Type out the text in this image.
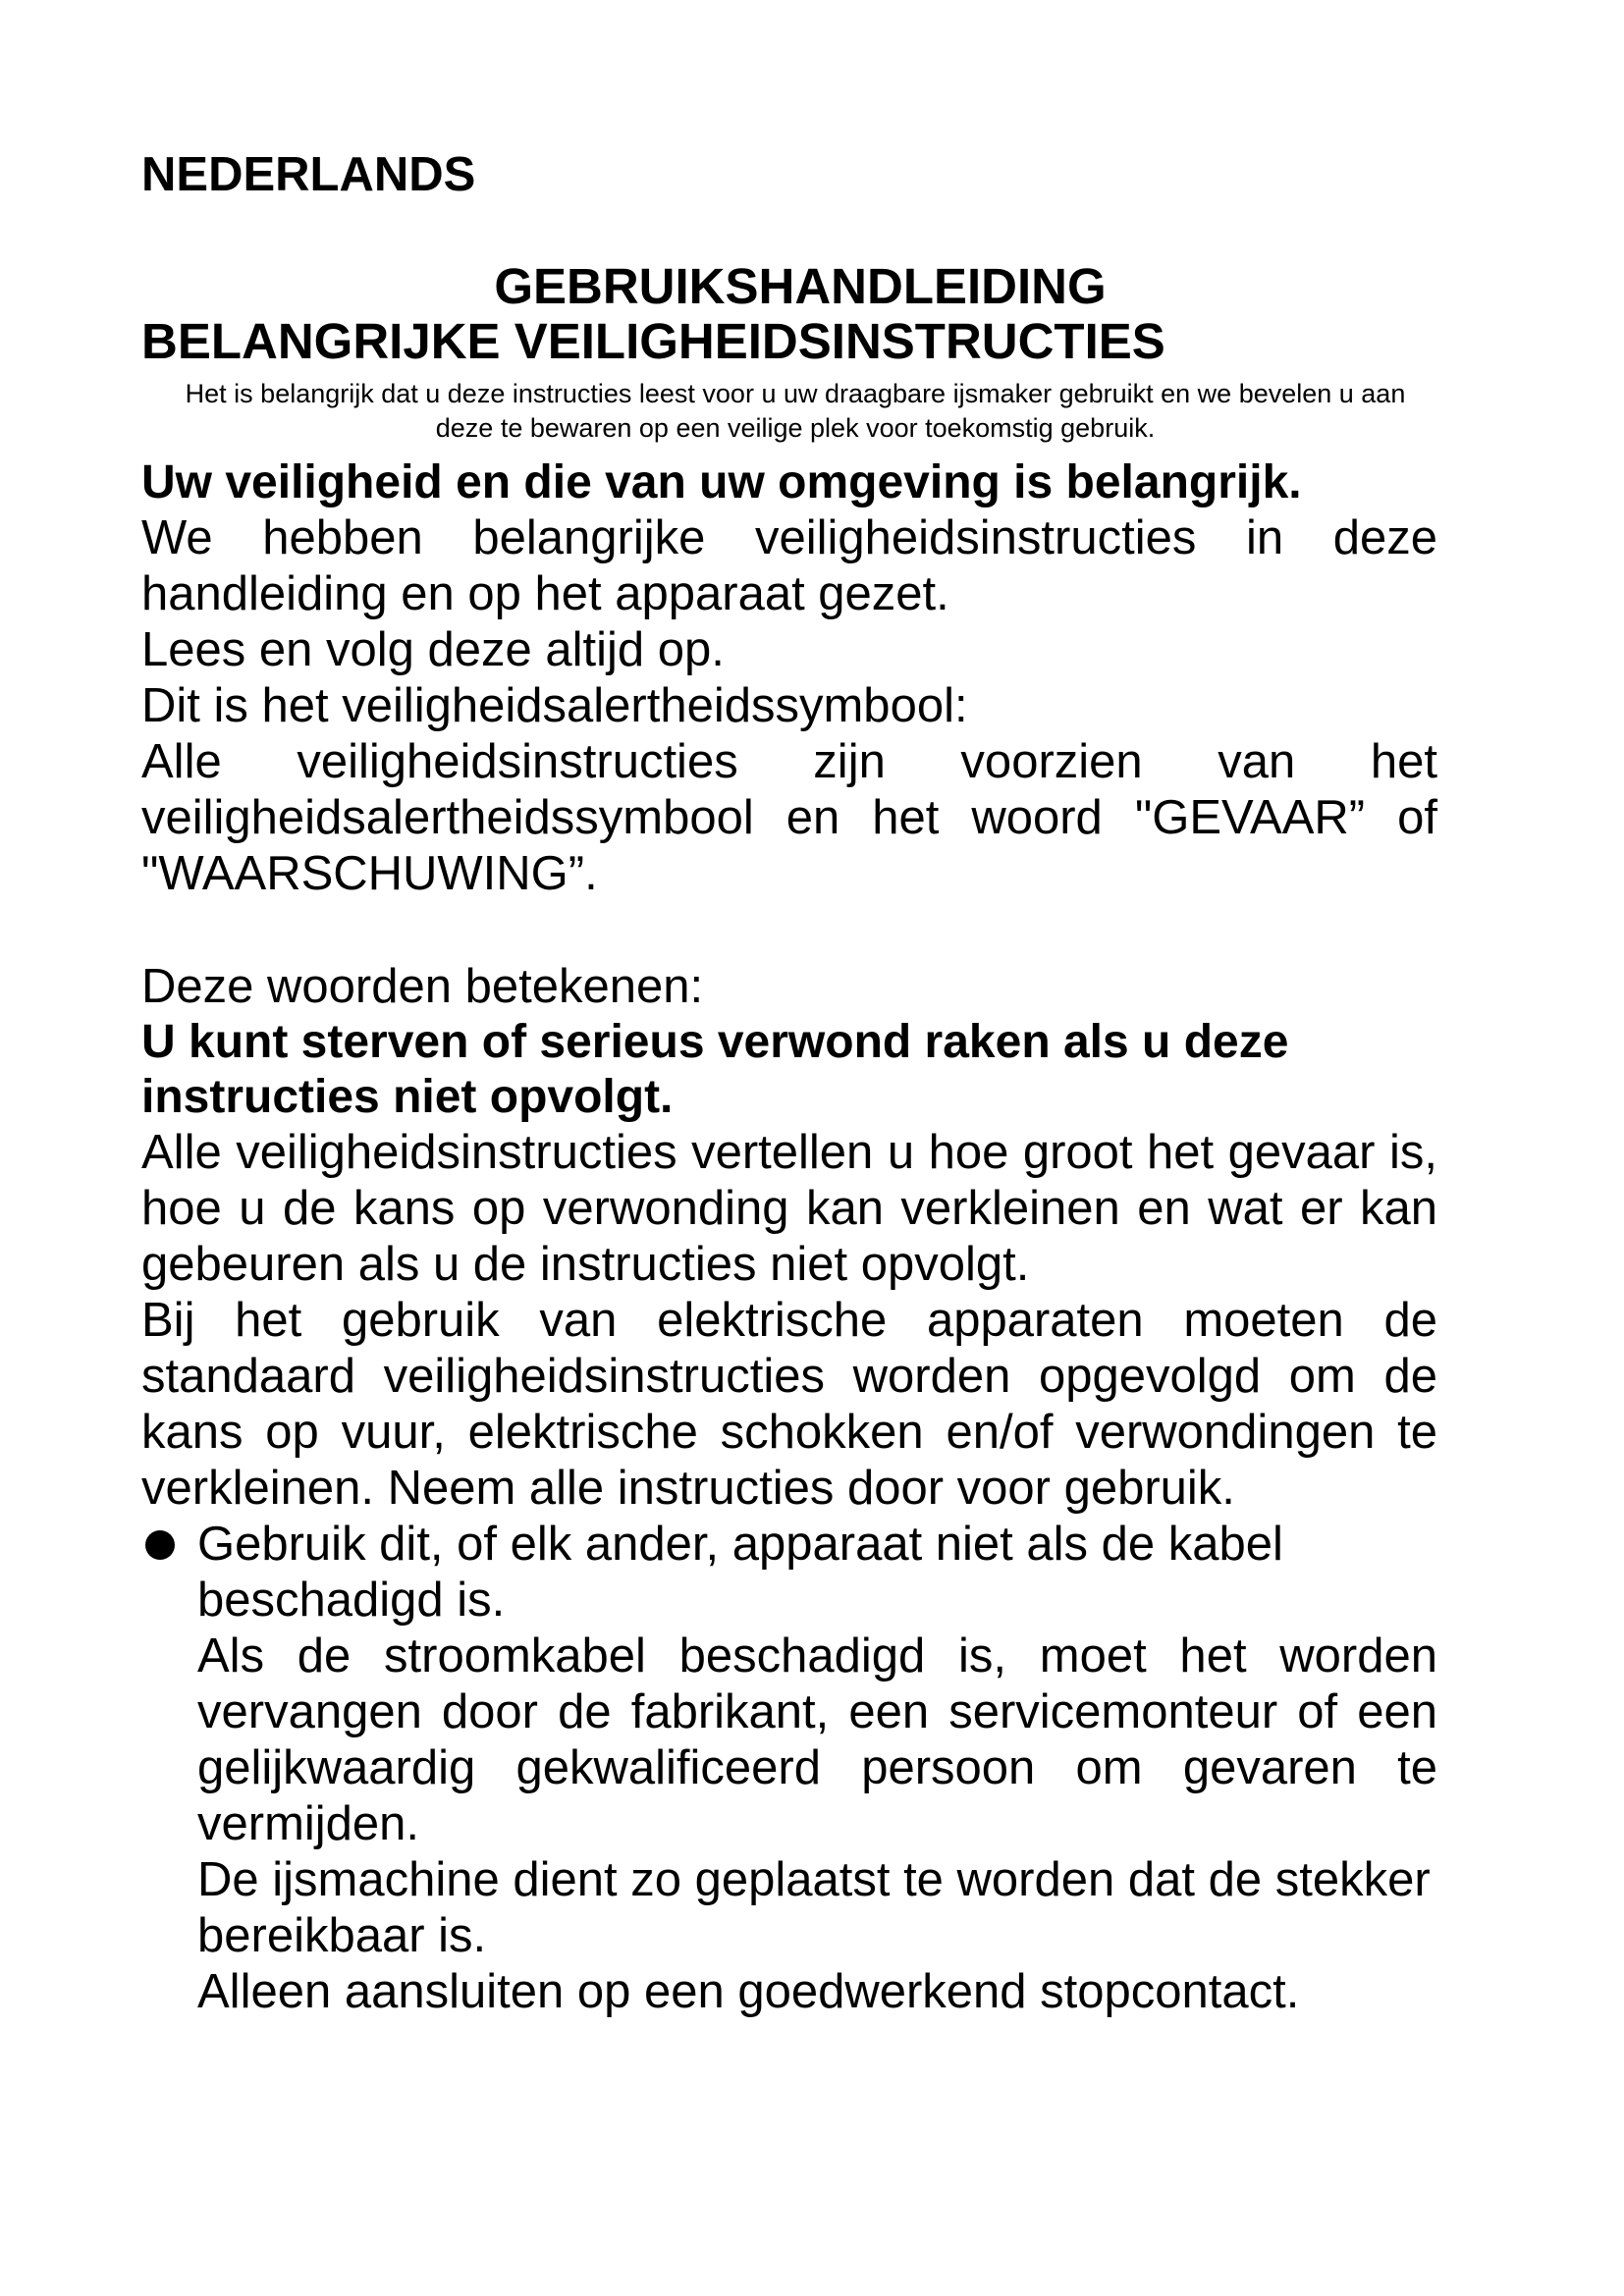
NEDERLANDS

GEBRUIKSHANDLEIDING

BELANGRIJKE VEILIGHEIDSINSTRUCTIES

Het is belangrijk dat u deze instructies leest voor u uw draagbare ijsmaker gebruikt en we bevelen u aan deze te bewaren op een veilige plek voor toekomstig gebruik.

Uw veiligheid en die van uw omgeving is belangrijk.

We hebben belangrijke veiligheidsinstructies in deze handleiding en op het apparaat gezet.

Lees en volg deze altijd op.

Dit is het veiligheidsalertheidssymbool:

Alle veiligheidsinstructies zijn voorzien van het veiligheidsalertheidssymbool en het woord "GEVAAR” of "WAARSCHUWING”.

Deze woorden betekenen:

U kunt sterven of serieus verwond raken als u deze instructies niet opvolgt.

Alle veiligheidsinstructies vertellen u hoe groot het gevaar is, hoe u de kans op verwonding kan verkleinen en wat er kan gebeuren als u de instructies niet opvolgt.

Bij het gebruik van elektrische apparaten moeten de standaard veiligheidsinstructies worden opgevolgd om de kans op vuur, elektrische schokken en/of verwondingen te verkleinen. Neem alle instructies door voor gebruik.

Gebruik dit, of elk ander, apparaat niet als de kabel beschadigd is.

Als de stroomkabel beschadigd is, moet het worden vervangen door de fabrikant, een servicemonteur of een gelijkwaardig gekwalificeerd persoon om gevaren te vermijden.

De ijsmachine dient zo geplaatst te worden dat de stekker bereikbaar is.

Alleen aansluiten op een goedwerkend stopcontact.
